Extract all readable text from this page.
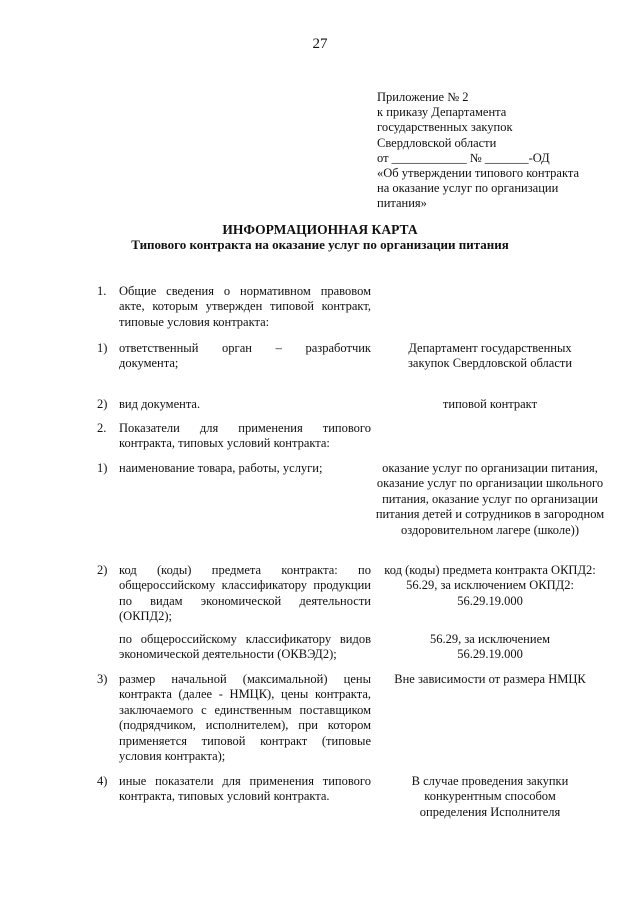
27
Приложение № 2
к приказу Департамента
государственных закупок
Свердловской области
от ____________ № _______-ОД
«Об утверждении типового контракта
на оказание услуг по организации
питания»
ИНФОРМАЦИОННАЯ КАРТА
Типового контракта на оказание услуг по организации питания
1. Общие сведения о нормативном правовом акте, которым утвержден типовой контракт, типовые условия контракта:
1) ответственный орган – разработчик документа;
Департамент государственных закупок Свердловской области
2) вид документа.	типовой контракт
2. Показатели для применения типового контракта, типовых условий контракта:
1) наименование товара, работы, услуги;	оказание услуг по организации питания, оказание услуг по организации школьного питания, оказание услуг по организации питания детей и сотрудников в загородном оздоровительном лагере (школе))
2) код (коды) предмета контракта: по общероссийскому классификатору продукции по видам экономической деятельности (ОКПД2);
код (коды) предмета контракта ОКПД2: 56.29, за исключением ОКПД2: 56.29.19.000
по общероссийскому классификатору видов экономической деятельности (ОКВЭД2);
56.29, за исключением 56.29.19.000
3) размер начальной (максимальной) цены контракта (далее - НМЦК), цены контракта, заключаемого с единственным поставщиком (подрядчиком, исполнителем), при котором применяется типовой контракт (типовые условия контракта);
Вне зависимости от размера НМЦК
4) иные показатели для применения типового контракта, типовых условий контракта.
В случае проведения закупки конкурентным способом определения Исполнителя
